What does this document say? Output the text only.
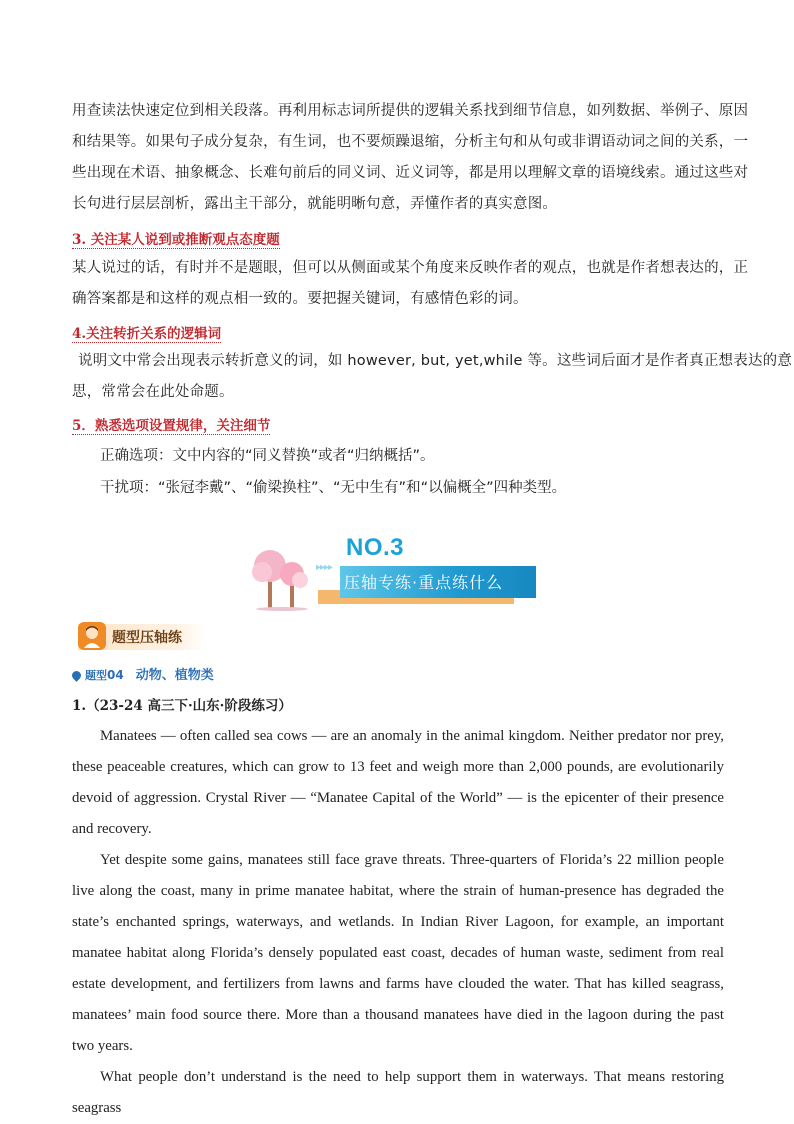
用查读法快速定位到相关段落。再利用标志词所提供的逻辑关系找到细节信息，如列数据、举例子、原因
和结果等。如果句子成分复杂，有生词，也不要烦躁退缩，分析主句和从句或非谓语动词之间的关系，一
些出现在术语、抽象概念、长难句前后的同义词、近义词等，都是用以理解文章的语境线索。通过这些对
长句进行层层剖析，露出主干部分，就能明晰句意，弄懂作者的真实意图。
3. 关注某人说到或推断观点态度题
某人说过的话，有时并不是题眼，但可以从侧面或某个角度来反映作者的观点，也就是作者想表达的，正
确答案都是和这样的观点相一致的。要把握关键词，有感情色彩的词。
4.关注转折关系的逻辑词
说明文中常会出现表示转折意义的词，如 however, but, yet,while 等。这些词后面才是作者真正想表达的意
思，常常会在此处命题。
5．熟悉选项设置规律，关注细节
正确选项：文中内容的“同义替换”或者“归纳概括”。
干扰项：“张冠李戴”、“偷梁换柱”、“无中生有”和“以偏概全”四种类型。
▸▸▸▸
NO.3
压轴专练·重点练什么
题型压轴练
题型04 动物、植物类
1.（23-24 高三下·山东·阶段练习）

Manatees — often called sea cows — are an anomaly in the animal kingdom. Neither predator nor prey, these peaceable creatures, which can grow to 13 feet and weigh more than 2,000 pounds, are evolutionarily devoid of aggression. Crystal River — “Manatee Capital of the World” — is the epicenter of their presence and recovery.

Yet despite some gains, manatees still face grave threats. Three-quarters of Florida’s 22 million people live along the coast, many in prime manatee habitat, where the strain of human-presence has degraded the state’s enchanted springs, waterways, and wetlands. In Indian River Lagoon, for example, an important manatee habitat along Florida’s densely populated east coast, decades of human waste, sediment from real estate development, and fertilizers from lawns and farms have clouded the water. That has killed seagrass, manatees’ main food source there. More than a thousand manatees have died in the lagoon during the past two years.

What people don’t understand is the need to help support them in waterways. That means restoring seagrass
